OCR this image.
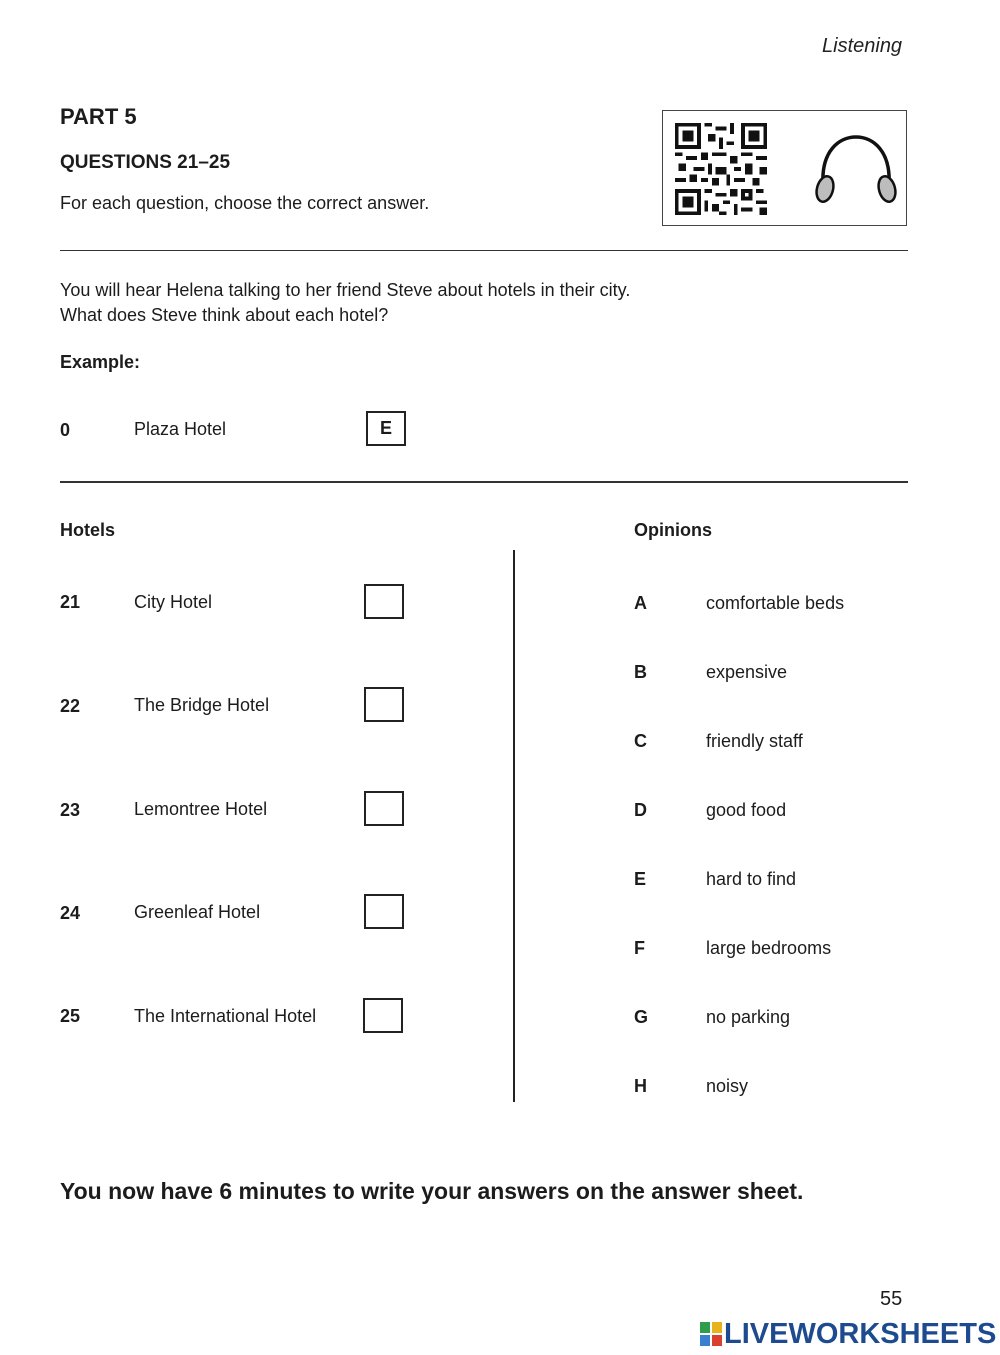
Listening
PART 5
QUESTIONS 21–25
For each question, choose the correct answer.
You will hear Helena talking to her friend Steve about hotels in their city.
What does Steve think about each hotel?
Example:
0	Plaza Hotel	E
Hotels	Opinions
21	City Hotel
22	The Bridge Hotel
23	Lemontree Hotel
24	Greenleaf Hotel
25	The International Hotel
A	comfortable beds
B	expensive
C	friendly staff
D	good food
E	hard to find
F	large bedrooms
G	no parking
H	noisy
You now have 6 minutes to write your answers on the answer sheet.
55
LIVEWORKSHEETS
